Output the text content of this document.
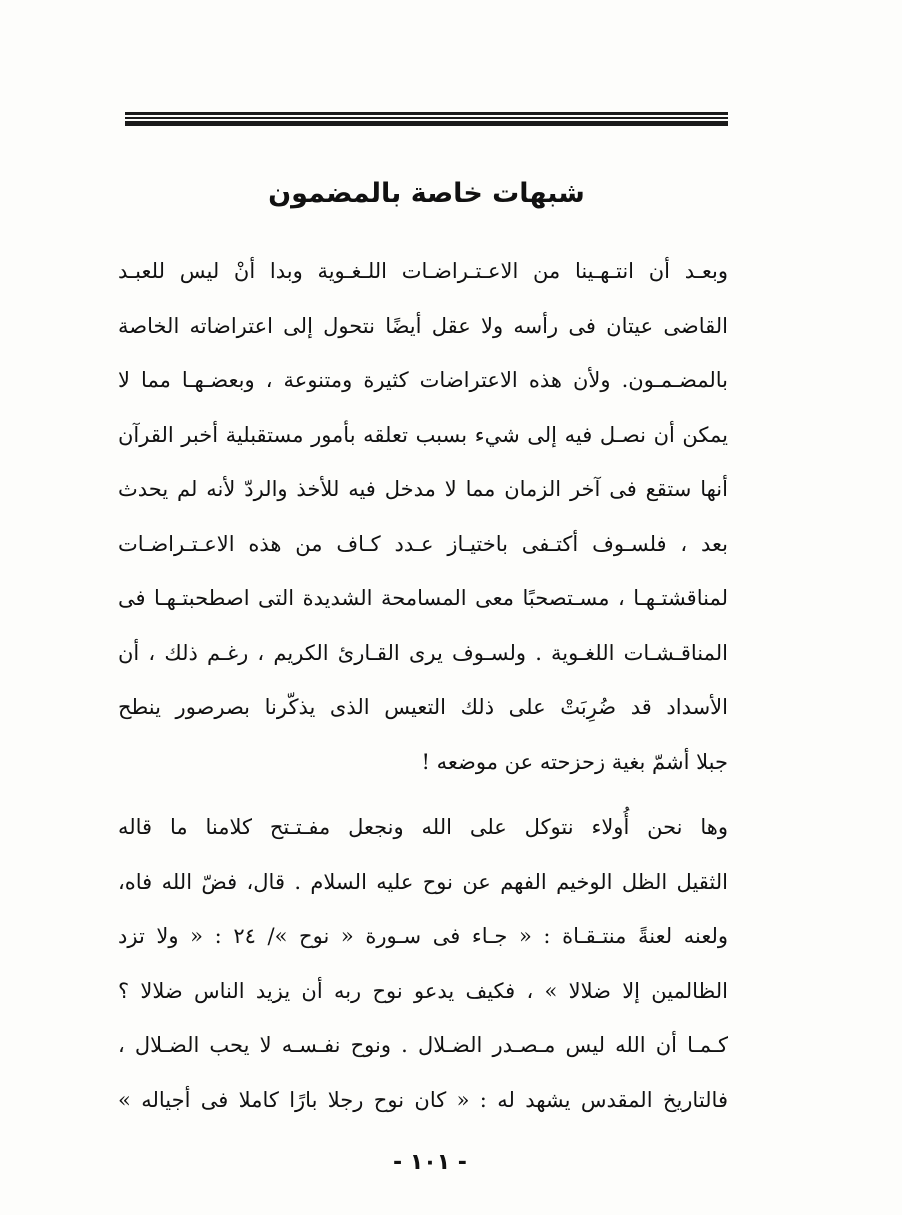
شبهات خاصة بالمضمون
وبعـد أن انتـهـينا من الاعـتـراضـات اللـغـوية وبدا أنْ ليس للعبـد
القاضى عيتان فى رأسه ولا عقل أيضًا نتحول إلى اعتراضاته الخاصة
بالمضـمـون. ولأن هذه الاعتراضات كثيرة ومتنوعة ، وبعضـهـا مما لا
يمكن أن نصـل فيه إلى شيء بسبب تعلقه بأمور مستقبلية أخبر القرآن
أنها ستقع فى آخر الزمان مما لا مدخل فيه للأخذ والردّ لأنه لم يحدث
بعد ، فلسـوف أكتـفى باختيـاز عـدد كـاف من هذه الاعـتـراضـات
لمناقشتـهـا ، مسـتصحبًا معى المسامحة الشديدة التى اصطحبتـهـا فى
المناقـشـات اللغـوية . ولسـوف يرى القـارئ الكريم ، رغـم ذلك ، أن
الأسداد قد ضُرِبَتْ على ذلك التعيس الذى يذكّرنا بصرصور ينطح
جبلا أشمّ بغية زحزحته عن موضعه !
وها نحن أُولاء نتوكل على الله ونجعل مفـتـتح كلامنا ما قاله
الثقيل الظل الوخيم الفهم عن نوح عليه السلام . قال، فضّ الله فاه،
ولعنه لعنةً منتـقـاة : « جـاء فى سـورة « نوح »/ ٢٤ : « ولا تزد
الظالمين إلا ضلالا » ، فكيف يدعو نوح ربه أن يزيد الناس ضلالا ؟
كـمـا أن الله ليس مـصـدر الضـلال . ونوح نفـسـه لا يحب الضـلال ،
فالتاريخ المقدس يشهد له : « كان نوح رجلا بارًا كاملا فى أجياله »
- ١٠١ -
